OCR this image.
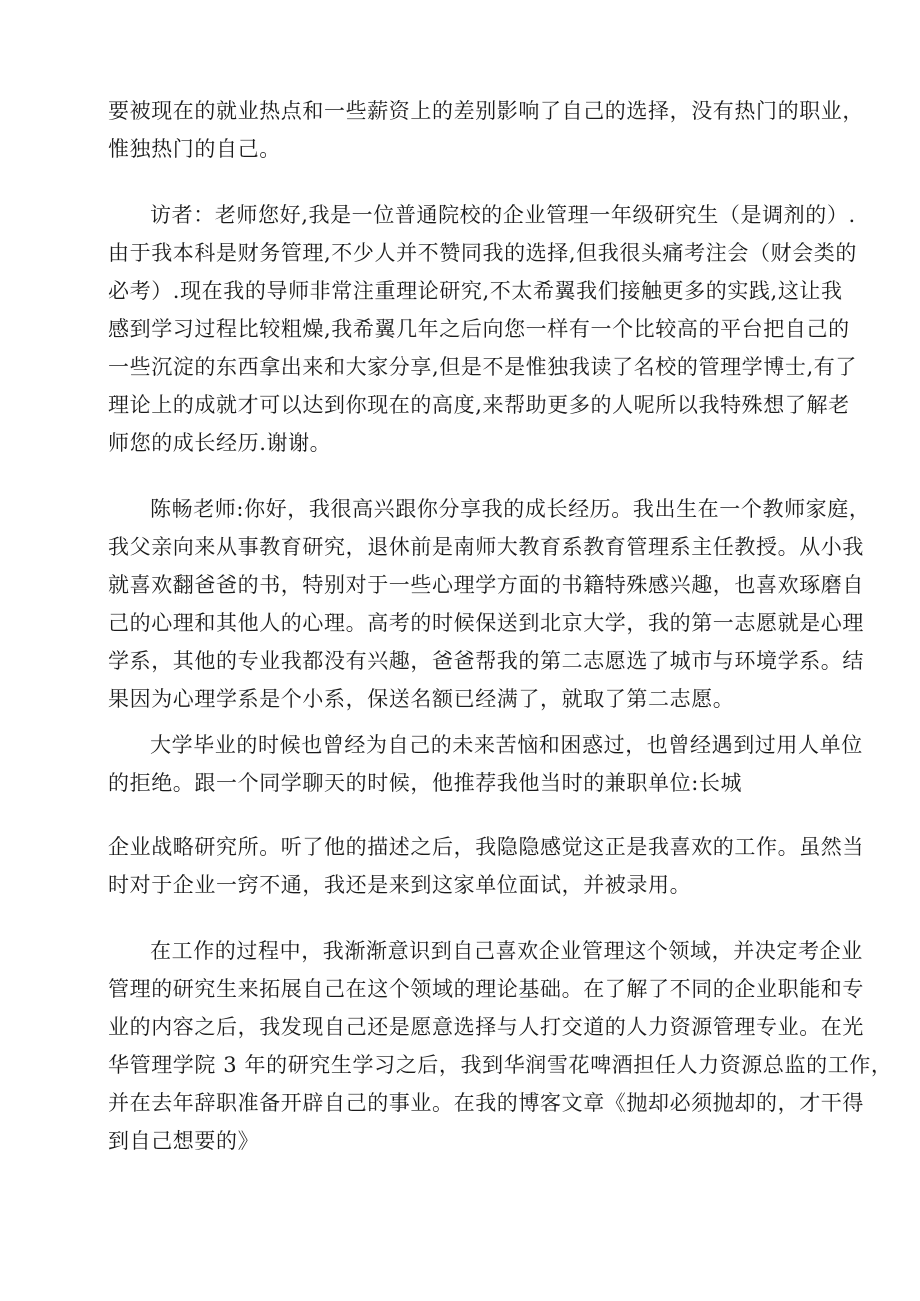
要被现在的就业热点和一些薪资上的差别影响了自己的选择，没有热门的职业，
惟独热门的自己。

访者：老师您好,我是一位普通院校的企业管理一年级研究生（是调剂的）.
由于我本科是财务管理,不少人并不赞同我的选择,但我很头痛考注会（财会类的
必考）.现在我的导师非常注重理论研究,不太希翼我们接触更多的实践,这让我
感到学习过程比较粗燥,我希翼几年之后向您一样有一个比较高的平台把自己的
一些沉淀的东西拿出来和大家分享,但是不是惟独我读了名校的管理学博士,有了
理论上的成就才可以达到你现在的高度,来帮助更多的人呢所以我特殊想了解老
师您的成长经历.谢谢。

陈畅老师:你好，我很高兴跟你分享我的成长经历。我出生在一个教师家庭，
我父亲向来从事教育研究，退休前是南师大教育系教育管理系主任教授。从小我
就喜欢翻爸爸的书，特别对于一些心理学方面的书籍特殊感兴趣，也喜欢琢磨自
己的心理和其他人的心理。高考的时候保送到北京大学，我的第一志愿就是心理
学系，其他的专业我都没有兴趣，爸爸帮我的第二志愿选了城市与环境学系。结
果因为心理学系是个小系，保送名额已经满了，就取了第二志愿。

大学毕业的时候也曾经为自己的未来苦恼和困惑过，也曾经遇到过用人单位
的拒绝。跟一个同学聊天的时候，他推荐我他当时的兼职单位:长城

企业战略研究所。听了他的描述之后，我隐隐感觉这正是我喜欢的工作。虽然当
时对于企业一窍不通，我还是来到这家单位面试，并被录用。

在工作的过程中，我渐渐意识到自己喜欢企业管理这个领域，并决定考企业
管理的研究生来拓展自己在这个领域的理论基础。在了解了不同的企业职能和专
业的内容之后，我发现自己还是愿意选择与人打交道的人力资源管理专业。在光
华管理学院 3 年的研究生学习之后，我到华润雪花啤酒担任人力资源总监的工作，
并在去年辞职准备开辟自己的事业。在我的博客文章《抛却必须抛却的，才干得
到自己想要的》
